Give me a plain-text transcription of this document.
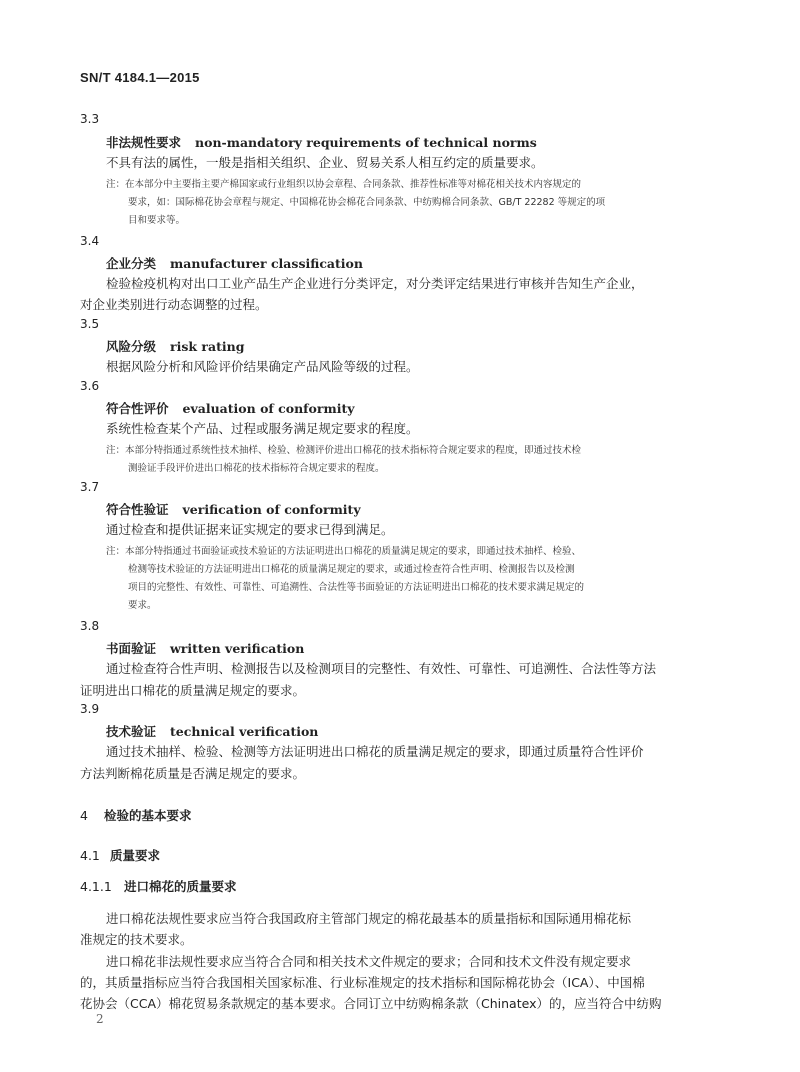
SN/T 4184.1—2015
3.3
非法规性要求 non-mandatory requirements of technical norms
不具有法的属性，一般是指相关组织、企业、贸易关系人相互约定的质量要求。
注：在本部分中主要指主要产棉国家或行业组织以协会章程、合同条款、推荐性标准等对棉花相关技术内容规定的
要求，如：国际棉花协会章程与规定、中国棉花协会棉花合同条款、中纺购棉合同条款、GB/T 22282 等规定的项
目和要求等。
3.4
企业分类 manufacturer classification
检验检疫机构对出口工业产品生产企业进行分类评定，对分类评定结果进行审核并告知生产企业，
对企业类别进行动态调整的过程。
3.5
风险分级 risk rating
根据风险分析和风险评价结果确定产品风险等级的过程。
3.6
符合性评价 evaluation of conformity
系统性检查某个产品、过程或服务满足规定要求的程度。
注：本部分特指通过系统性技术抽样、检验、检测评价进出口棉花的技术指标符合规定要求的程度，即通过技术检
测验证手段评价进出口棉花的技术指标符合规定要求的程度。
3.7
符合性验证 verification of conformity
通过检查和提供证据来证实规定的要求已得到满足。
注：本部分特指通过书面验证或技术验证的方法证明进出口棉花的质量满足规定的要求，即通过技术抽样、检验、
检测等技术验证的方法证明进出口棉花的质量满足规定的要求，或通过检查符合性声明、检测报告以及检测
项目的完整性、有效性、可靠性、可追溯性、合法性等书面验证的方法证明进出口棉花的技术要求满足规定的
要求。
3.8
书面验证 written verification
通过检查符合性声明、检测报告以及检测项目的完整性、有效性、可靠性、可追溯性、合法性等方法
证明进出口棉花的质量满足规定的要求。
3.9
技术验证 technical verification
通过技术抽样、检验、检测等方法证明进出口棉花的质量满足规定的要求，即通过质量符合性评价
方法判断棉花质量是否满足规定的要求。
4 检验的基本要求
4.1 质量要求
4.1.1 进口棉花的质量要求
进口棉花法规性要求应当符合我国政府主管部门规定的棉花最基本的质量指标和国际通用棉花标
准规定的技术要求。
进口棉花非法规性要求应当符合合同和相关技术文件规定的要求；合同和技术文件没有规定要求
的，其质量指标应当符合我国相关国家标准、行业标准规定的技术指标和国际棉花协会（ICA）、中国棉
花协会（CCA）棉花贸易条款规定的基本要求。合同订立中纺购棉条款（Chinatex）的，应当符合中纺购
2
